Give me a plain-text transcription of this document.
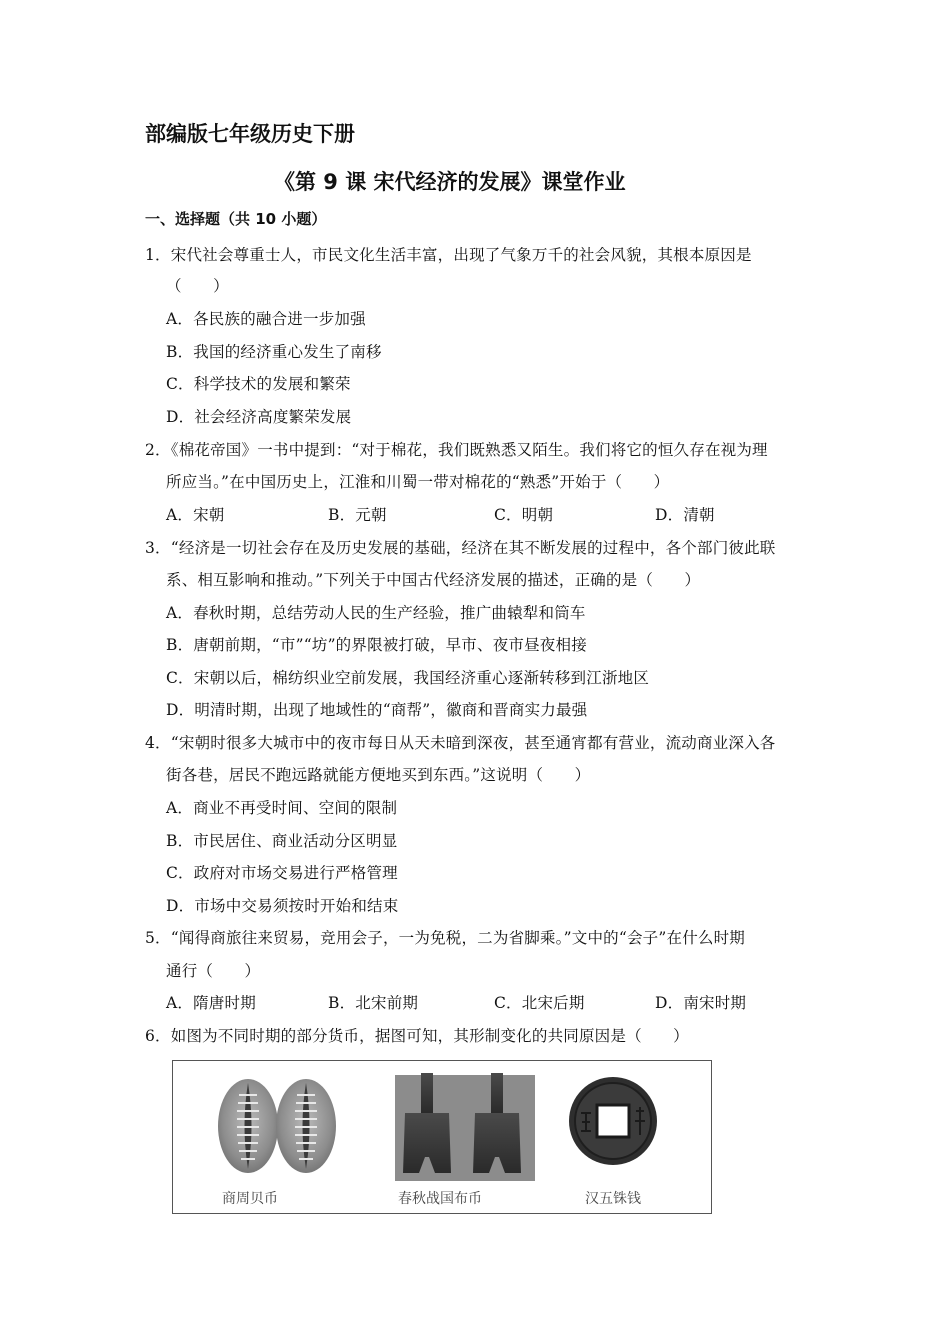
部编版七年级历史下册
《第 9 课 宋代经济的发展》课堂作业
一、选择题（共 10 小题）
1．宋代社会尊重士人，市民文化生活丰富，出现了气象万千的社会风貌，其根本原因是
（　　）
A．各民族的融合进一步加强
B．我国的经济重心发生了南移
C．科学技术的发展和繁荣
D．社会经济高度繁荣发展
2．《棉花帝国》一书中提到：“对于棉花，我们既熟悉又陌生。我们将它的恒久存在视为理
所应当。”在中国历史上，江淮和川蜀一带对棉花的“熟悉”开始于（　　）
A．宋朝	B．元朝	C．明朝	D．清朝
3．“经济是一切社会存在及历史发展的基础，经济在其不断发展的过程中，各个部门彼此联
系、相互影响和推动。”下列关于中国古代经济发展的描述，正确的是（　　）
A．春秋时期，总结劳动人民的生产经验，推广曲辕犁和筒车
B．唐朝前期，“市”“坊”的界限被打破，早市、夜市昼夜相接
C．宋朝以后，棉纺织业空前发展，我国经济重心逐渐转移到江浙地区
D．明清时期，出现了地域性的“商帮”，徽商和晋商实力最强
4．“宋朝时很多大城市中的夜市每日从天未暗到深夜，甚至通宵都有营业，流动商业深入各
街各巷，居民不跑远路就能方便地买到东西。”这说明（　　）
A．商业不再受时间、空间的限制
B．市民居住、商业活动分区明显
C．政府对市场交易进行严格管理
D．市场中交易须按时开始和结束
5．“闻得商旅往来贸易，竞用会子，一为免税，二为省脚乘。”文中的“会子”在什么时期
通行（　　）
A．隋唐时期	B．北宋前期	C．北宋后期	D．南宋时期
6．如图为不同时期的部分货币，据图可知，其形制变化的共同原因是（　　）
商周贝币	春秋战国布币	汉五铢钱
